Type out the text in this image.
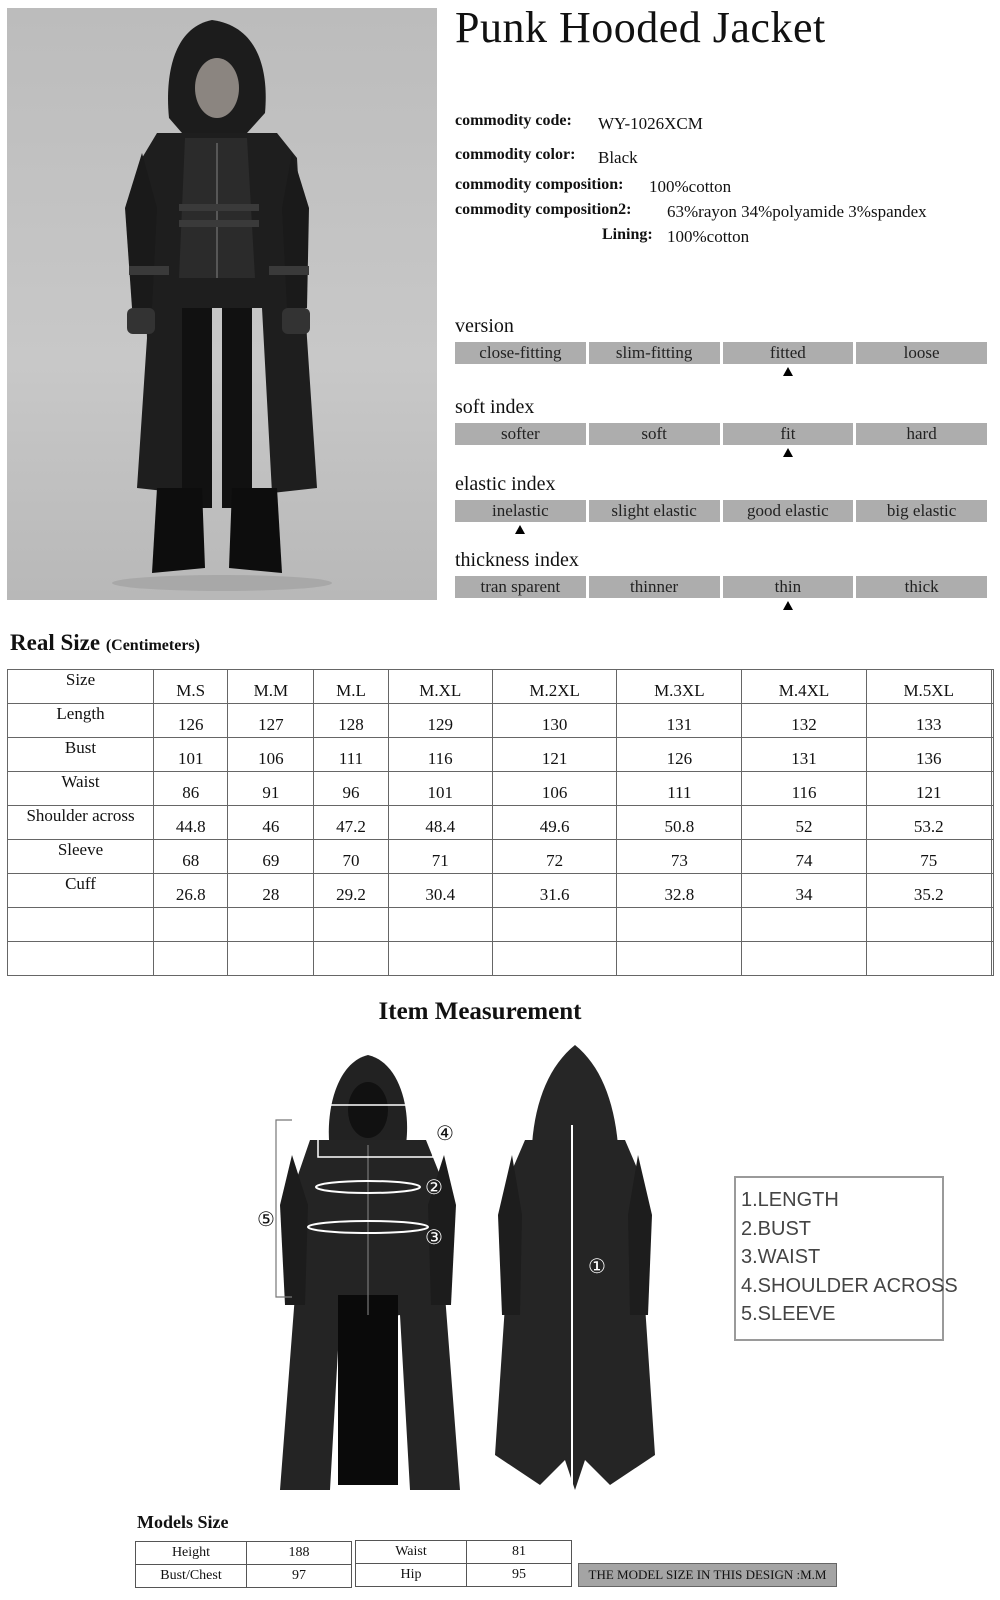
Punk Hooded Jacket
commodity code: WY-1026XCM
commodity color: Black
commodity composition: 100%cotton
commodity composition2: 63%rayon 34%polyamide 3%spandex
Lining: 100%cotton
version
close-fitting	slim-fitting	fitted	loose
soft index
softer	soft	fit	hard
elastic index
inelastic	slight elastic	good elastic	big elastic
thickness index
tran sparent	thinner	thin	thick
Real Size (Centimeters)
Size	M.S	M.M	M.L	M.XL	M.2XL	M.3XL	M.4XL	M.5XL	
Length	126	127	128	129	130	131	132	133	
Bust	101	106	111	116	121	126	131	136	
Waist	86	91	96	101	106	111	116	121	
Shoulder across	44.8	46	47.2	48.4	49.6	50.8	52	53.2	
Sleeve	68	69	70	71	72	73	74	75	
Cuff	26.8	28	29.2	30.4	31.6	32.8	34	35.2	

Item Measurement
④
②
③
⑤
①
1.LENGTH
2.BUST
3.WAIST
4.SHOULDER ACROSS
5.SLEEVE
Models Size
Height	188
Bust/Chest	97
Waist	81
Hip	95	THE MODEL SIZE IN THIS DESIGN :M.M
